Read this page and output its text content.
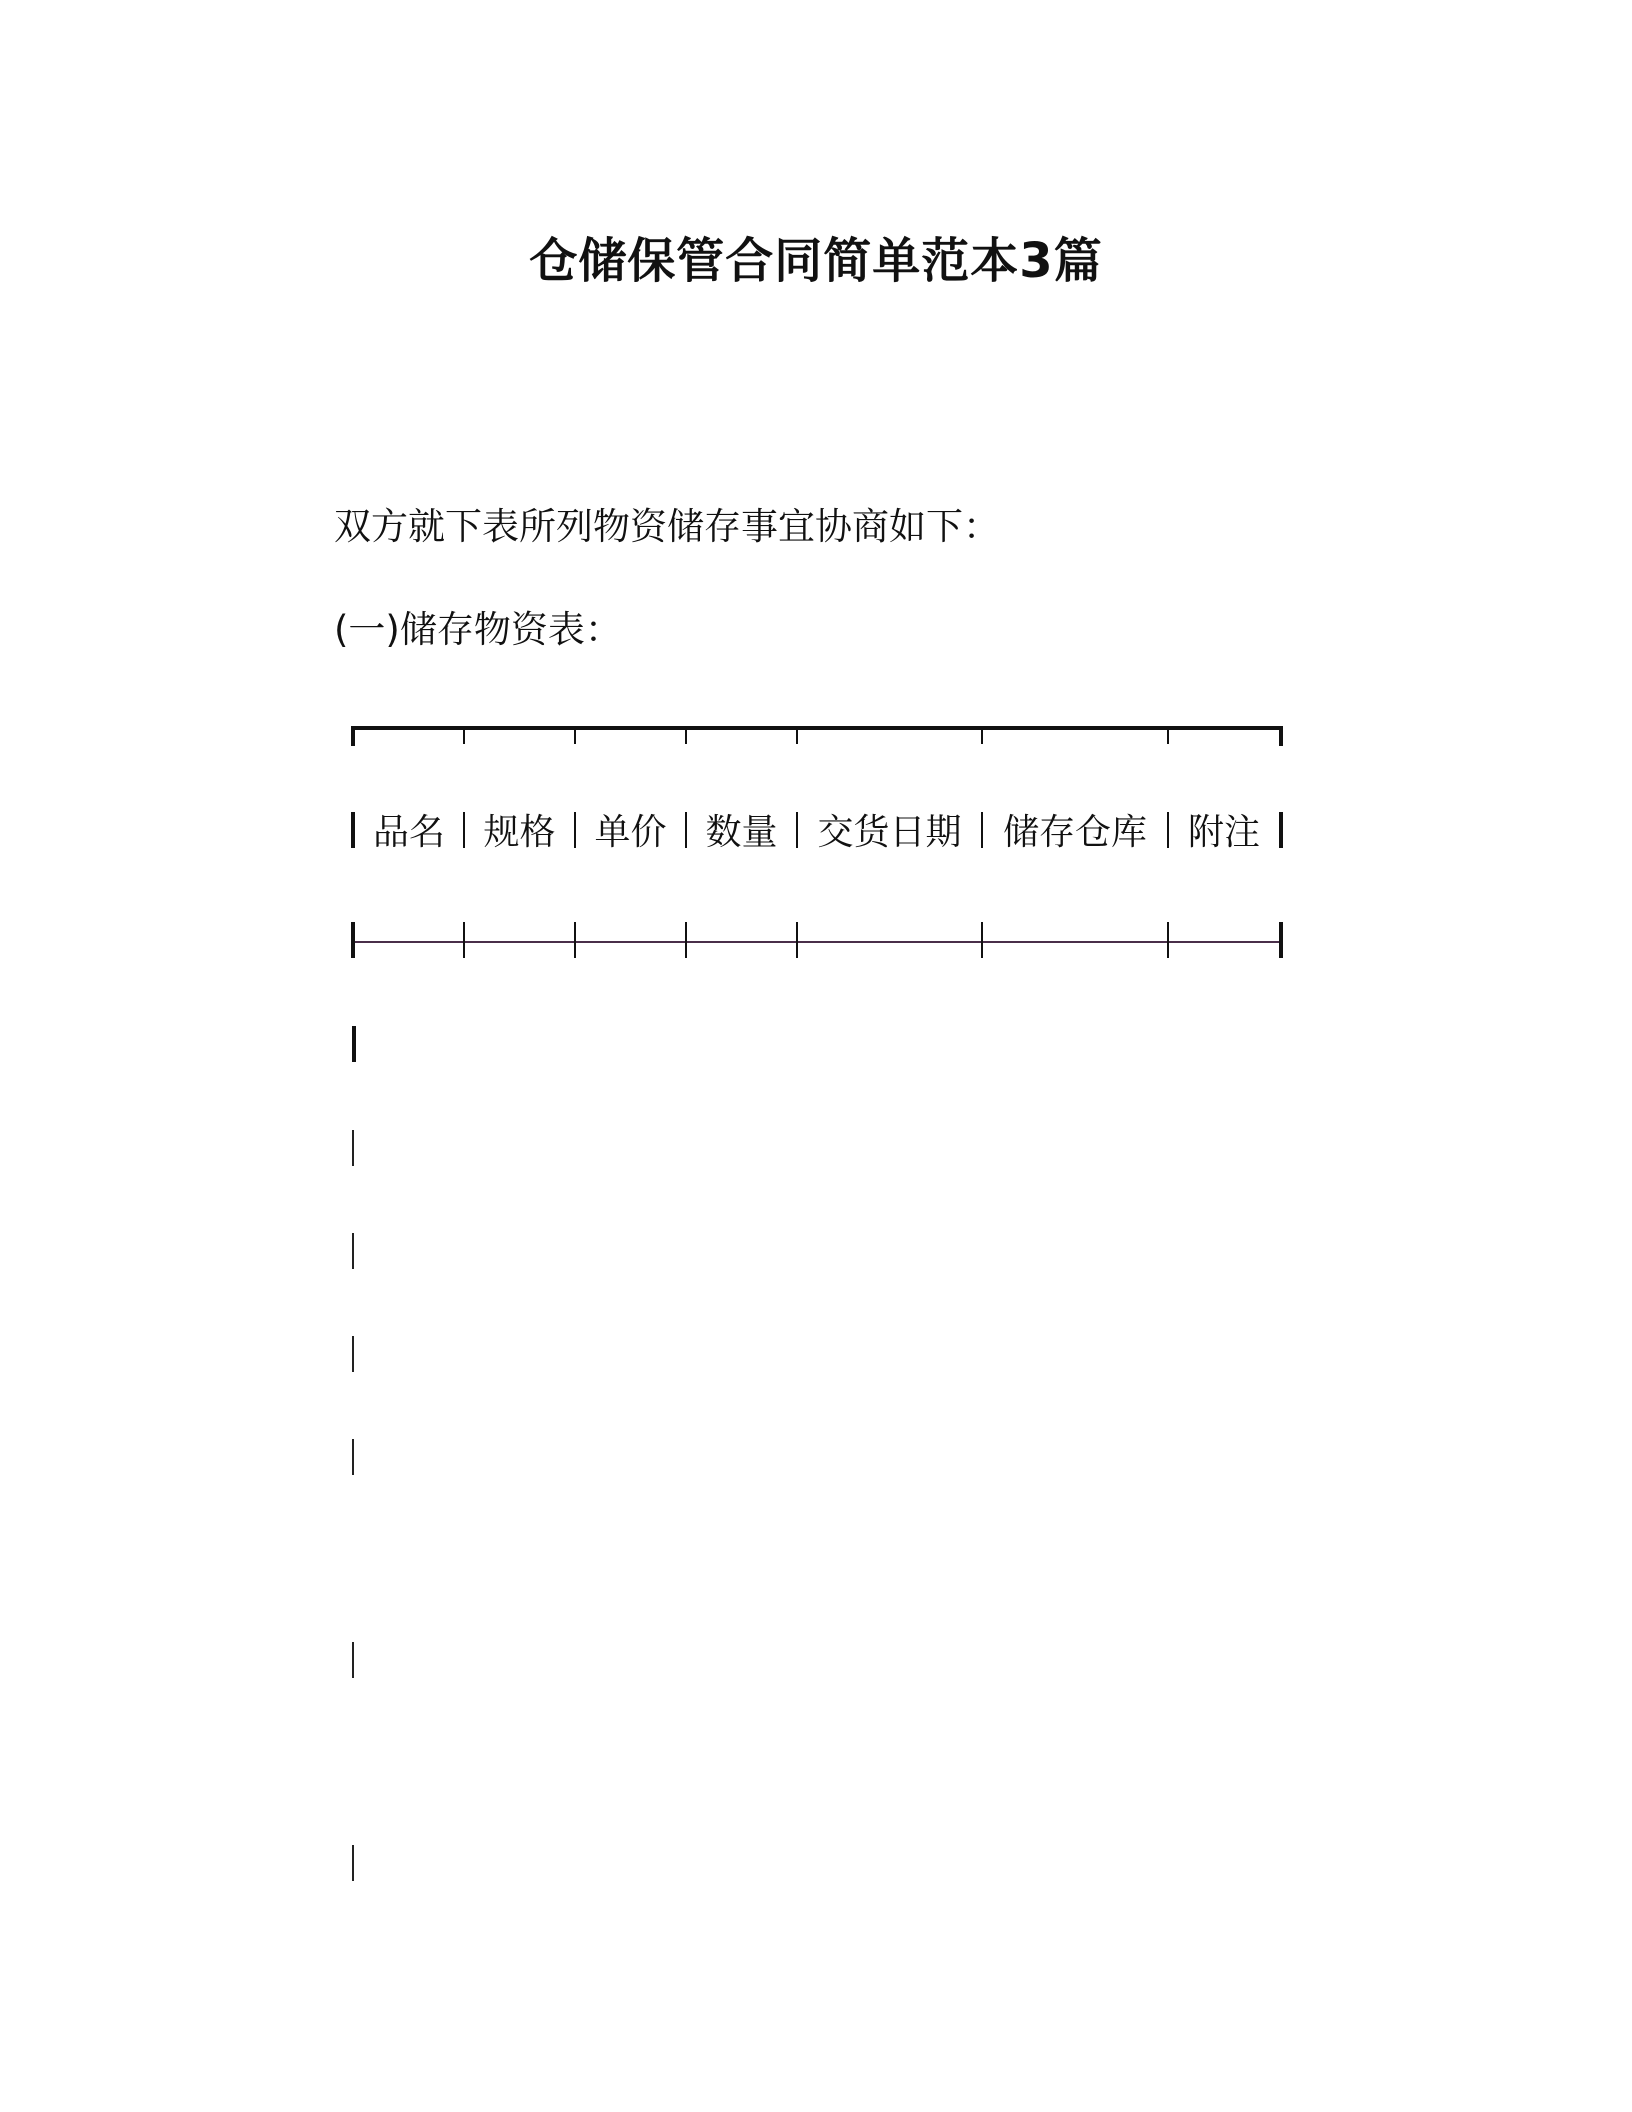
仓储保管合同简单范本3篇

双方就下表所列物资储存事宜协商如下：

(一)储存物资表：

品名	规格	单价	数量	交货日期	储存仓库	附注
